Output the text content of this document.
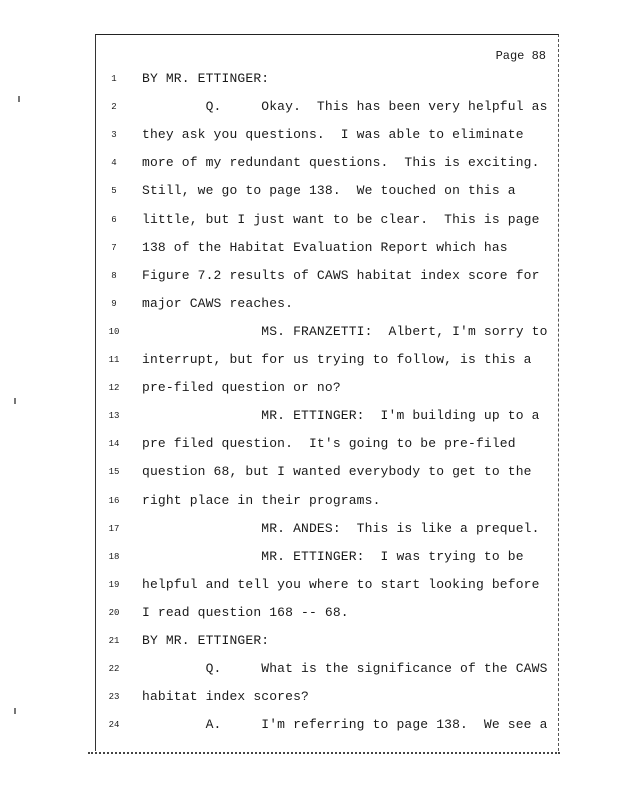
Page 88
1	BY MR. ETTINGER:
2	Q.     Okay.  This has been very helpful as
3	they ask you questions.  I was able to eliminate
4	more of my redundant questions.  This is exciting.
5	Still, we go to page 138.  We touched on this a
6	little, but I just want to be clear.  This is page
7	138 of the Habitat Evaluation Report which has
8	Figure 7.2 results of CAWS habitat index score for
9	major CAWS reaches.
10	MS. FRANZETTI:  Albert, I'm sorry to
11	interrupt, but for us trying to follow, is this a
12	pre-filed question or no?
13	MR. ETTINGER:  I'm building up to a
14	pre filed question.  It's going to be pre-filed
15	question 68, but I wanted everybody to get to the
16	right place in their programs.
17	MR. ANDES:  This is like a prequel.
18	MR. ETTINGER:  I was trying to be
19	helpful and tell you where to start looking before
20	I read question 168 -- 68.
21	BY MR. ETTINGER:
22	Q.     What is the significance of the CAWS
23	habitat index scores?
24	A.     I'm referring to page 138.  We see a
